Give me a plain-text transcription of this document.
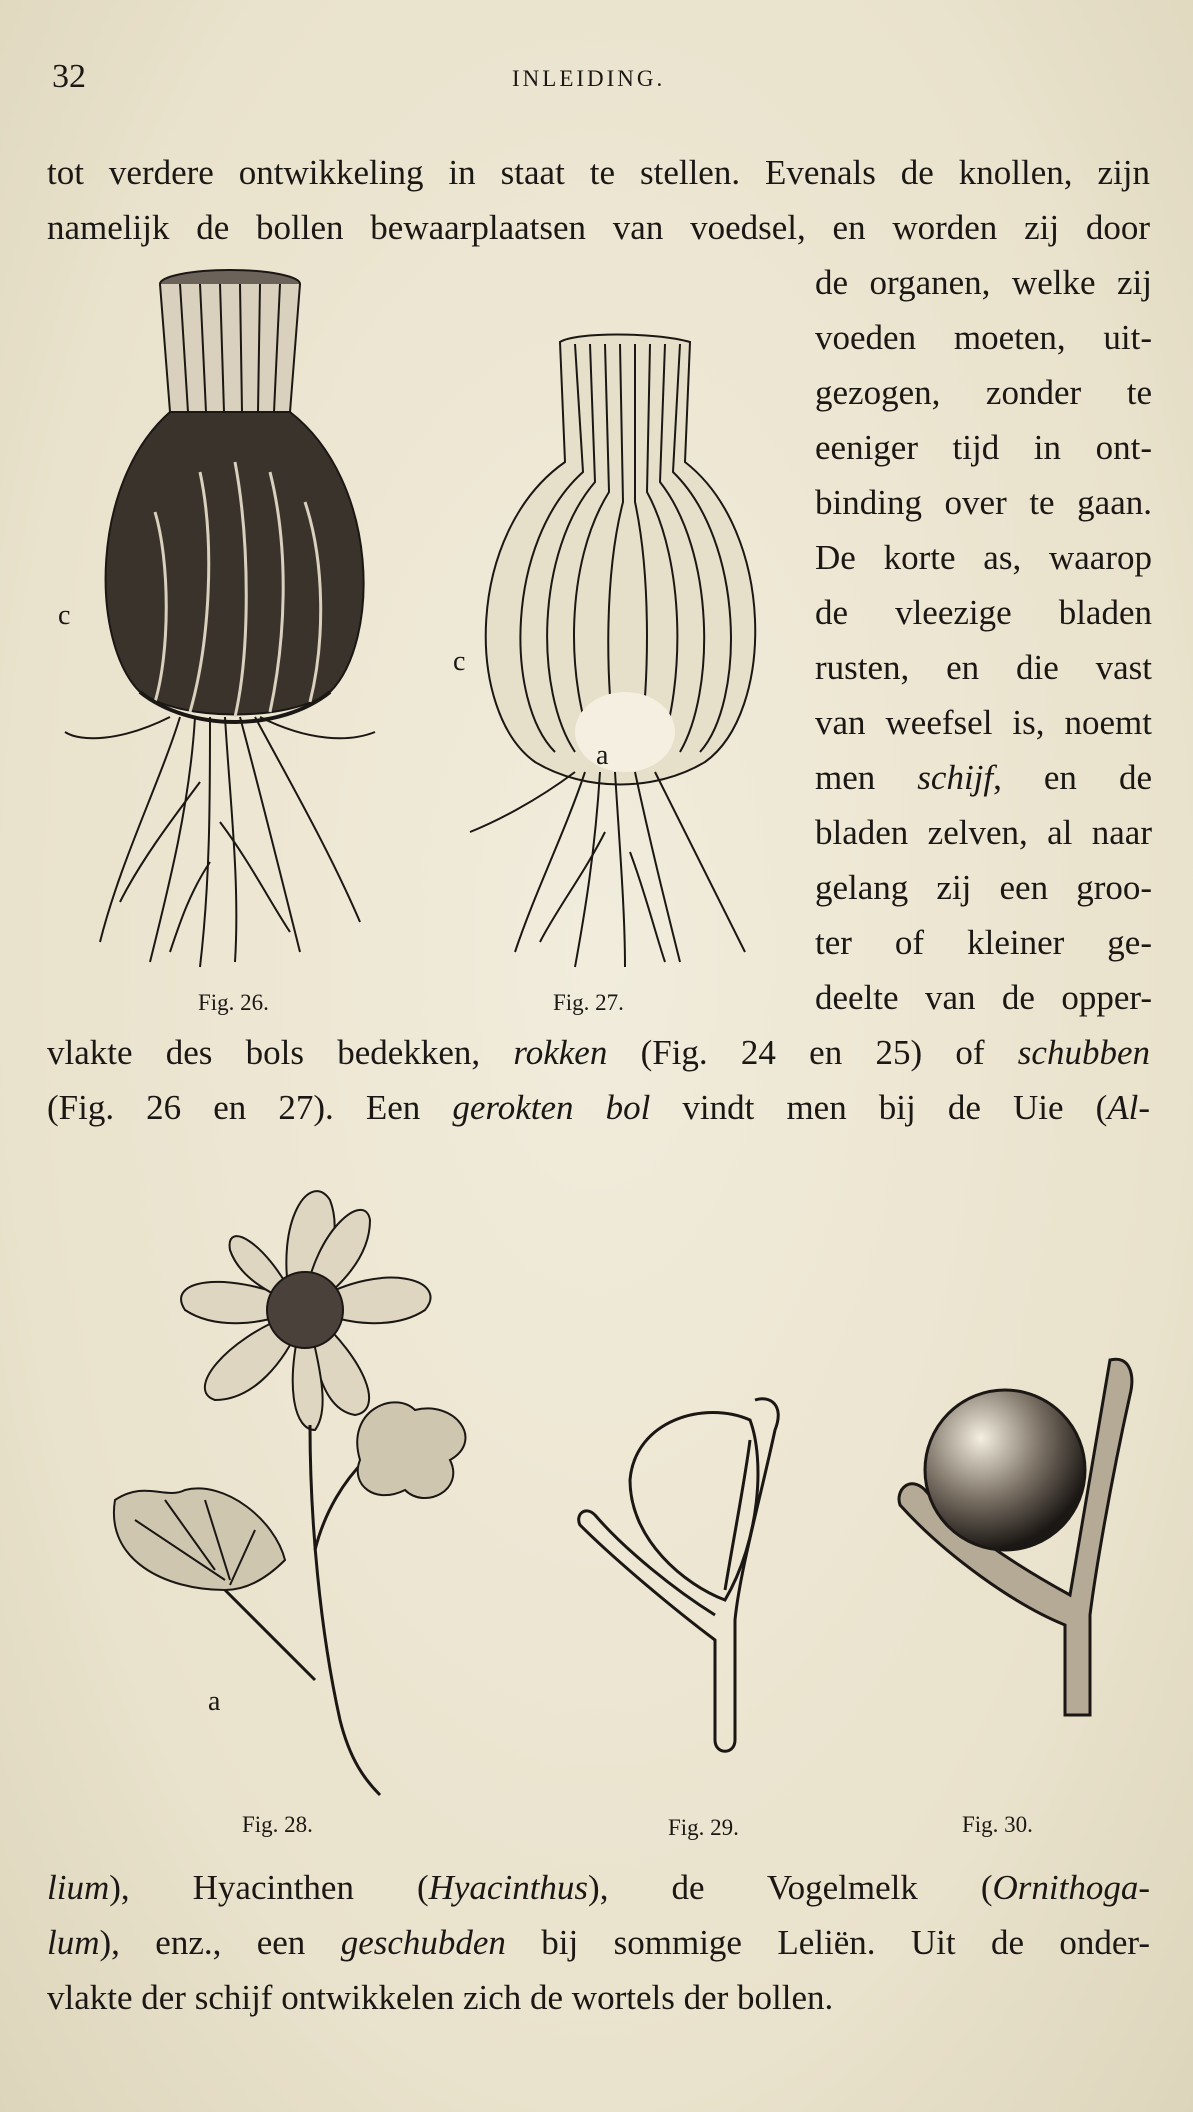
32	INLEIDING.
tot verdere ontwikkeling in staat te stellen. Evenals de knollen, zijn
namelijk de bollen bewaarplaatsen van voedsel, en worden zij door
de organen, welke zij
voeden moeten, uit-
gezogen, zonder te
eeniger tijd in ont-
binding over te gaan.
De korte as, waarop
de vleezige bladen
rusten, en die vast
van weefsel is, noemt
men schijf, en de
bladen zelven, al naar
gelang zij een groo-
ter of kleiner ge-
deelte van de opper-
vlakte des bols bedekken, rokken (Fig. 24 en 25) of schubben
(Fig. 26 en 27). Een gerokten bol vindt men bij de Uie (Al-
lium), Hyacinthen (Hyacinthus), de Vogelmelk (Ornithoga-
lum), enz., een geschubden bij sommige Leliën. Uit de onder-
vlakte der schijf ontwikkelen zich de wortels der bollen.
c
Fig. 26.
c
a
Fig. 27.
a
Fig. 28.	Fig. 29.	Fig. 30.
